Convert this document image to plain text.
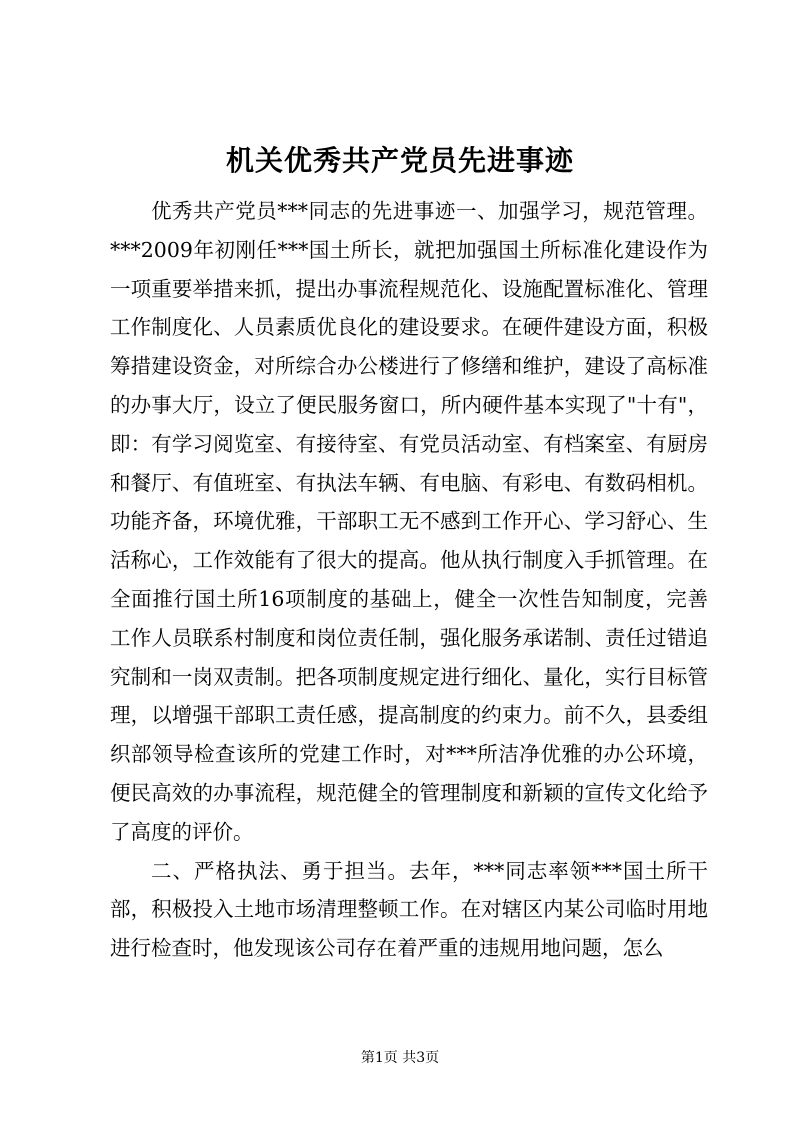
机关优秀共产党员先进事迹

优秀共产党员***同志的先进事迹一、加强学习，规范管理。***2009年初刚任***国土所长，就把加强国土所标准化建设作为一项重要举措来抓，提出办事流程规范化、设施配置标准化、管理工作制度化、人员素质优良化的建设要求。在硬件建设方面，积极筹措建设资金，对所综合办公楼进行了修缮和维护，建设了高标准的办事大厅，设立了便民服务窗口，所内硬件基本实现了"十有"，即：有学习阅览室、有接待室、有党员活动室、有档案室、有厨房和餐厅、有值班室、有执法车辆、有电脑、有彩电、有数码相机。功能齐备，环境优雅，干部职工无不感到工作开心、学习舒心、生活称心，工作效能有了很大的提高。他从执行制度入手抓管理。在全面推行国土所16项制度的基础上，健全一次性告知制度，完善工作人员联系村制度和岗位责任制，强化服务承诺制、责任过错追究制和一岗双责制。把各项制度规定进行细化、量化，实行目标管理，以增强干部职工责任感，提高制度的约束力。前不久，县委组织部领导检查该所的党建工作时，对***所洁净优雅的办公环境，便民高效的办事流程，规范健全的管理制度和新颖的宣传文化给予了高度的评价。

二、严格执法、勇于担当。去年，***同志率领***国土所干部，积极投入土地市场清理整顿工作。在对辖区内某公司临时用地进行检查时，他发现该公司存在着严重的违规用地问题，怎么

第1页 共3页
